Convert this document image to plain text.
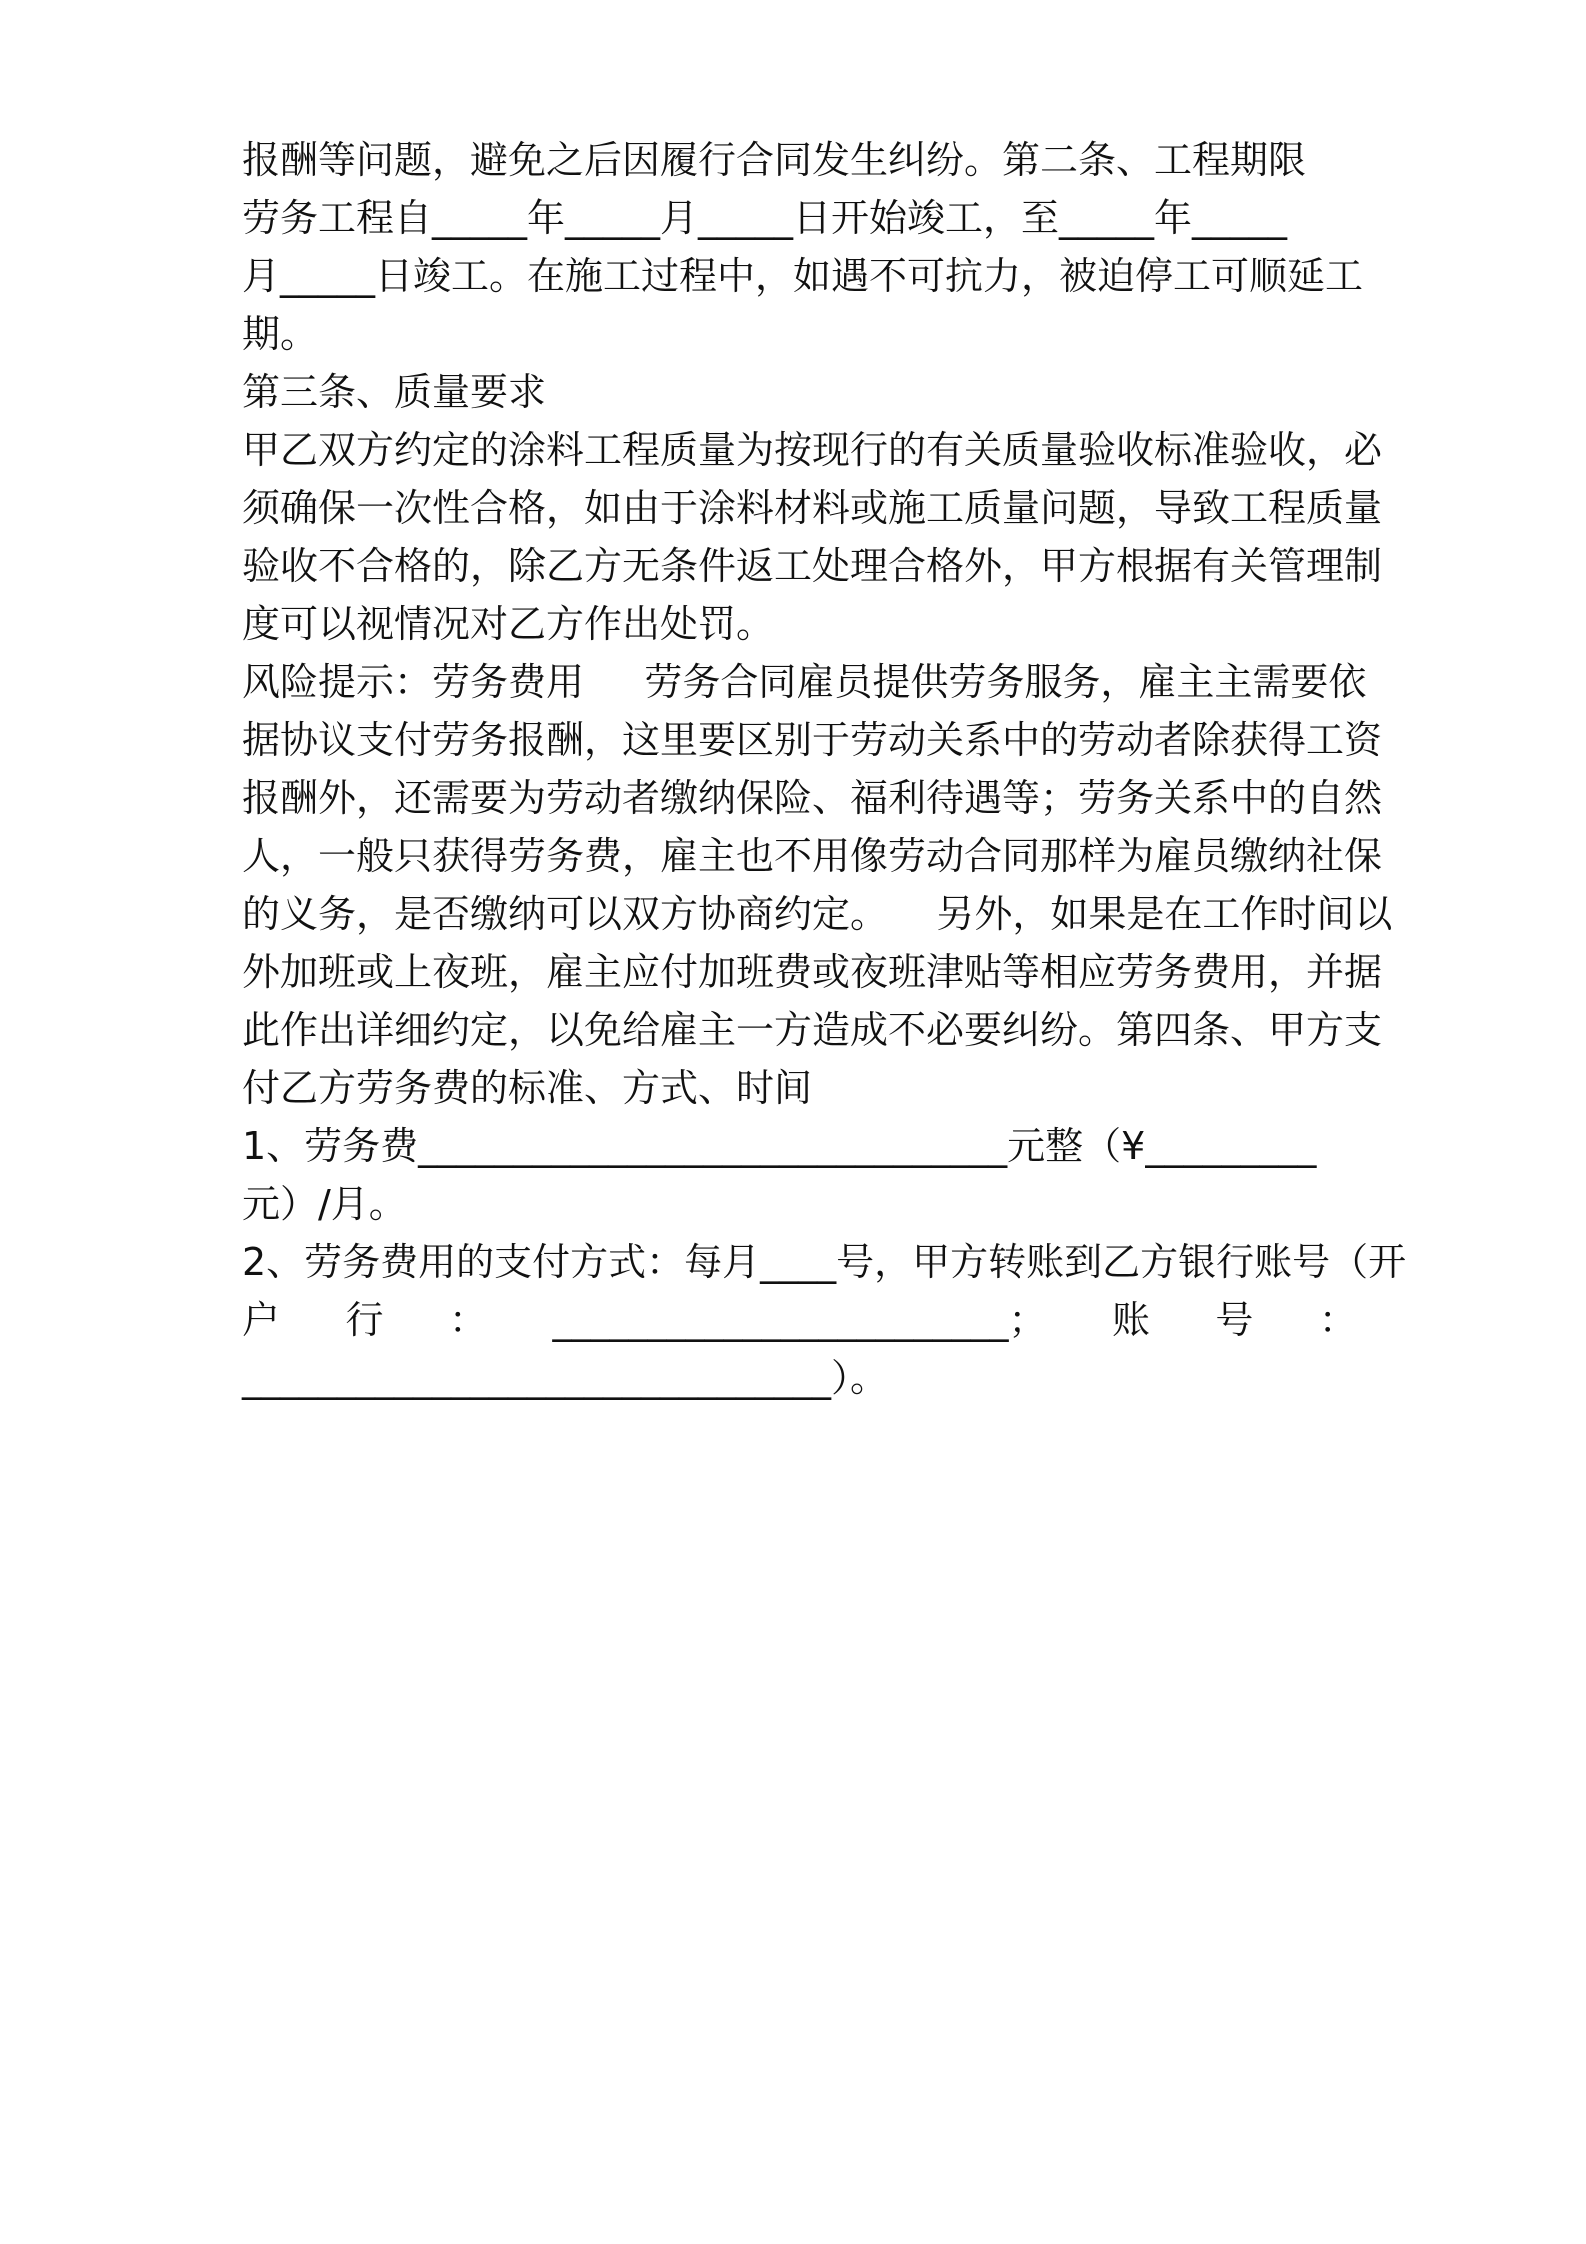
报酬等问题，避免之后因履行合同发生纠纷。第二条、工程期限
劳务工程自_____年_____月_____日开始竣工，至_____年_____
月_____日竣工。在施工过程中，如遇不可抗力，被迫停工可顺延工
期。
第三条、质量要求
甲乙双方约定的涂料工程质量为按现行的有关质量验收标准验收，必
须确保一次性合格，如由于涂料材料或施工质量问题，导致工程质量
验收不合格的，除乙方无条件返工处理合格外，甲方根据有关管理制
度可以视情况对乙方作出处罚。
风险提示：劳务费用     劳务合同雇员提供劳务服务，雇主主需要依
据协议支付劳务报酬，这里要区别于劳动关系中的劳动者除获得工资
报酬外，还需要为劳动者缴纳保险、福利待遇等；劳务关系中的自然
人，一般只获得劳务费，雇主也不用像劳动合同那样为雇员缴纳社保
的义务，是否缴纳可以双方协商约定。    另外，如果是在工作时间以
外加班或上夜班，雇主应付加班费或夜班津贴等相应劳务费用，并据
此作出详细约定，以免给雇主一方造成不必要纠纷。第四条、甲方支
付乙方劳务费的标准、方式、时间
1、劳务费_______________________________元整（¥_________
元）/月。
2、劳务费用的支付方式：每月____号，甲方转账到乙方银行账号（开
户 行 ： ________________________； 账 号 ：
_______________________________）。
